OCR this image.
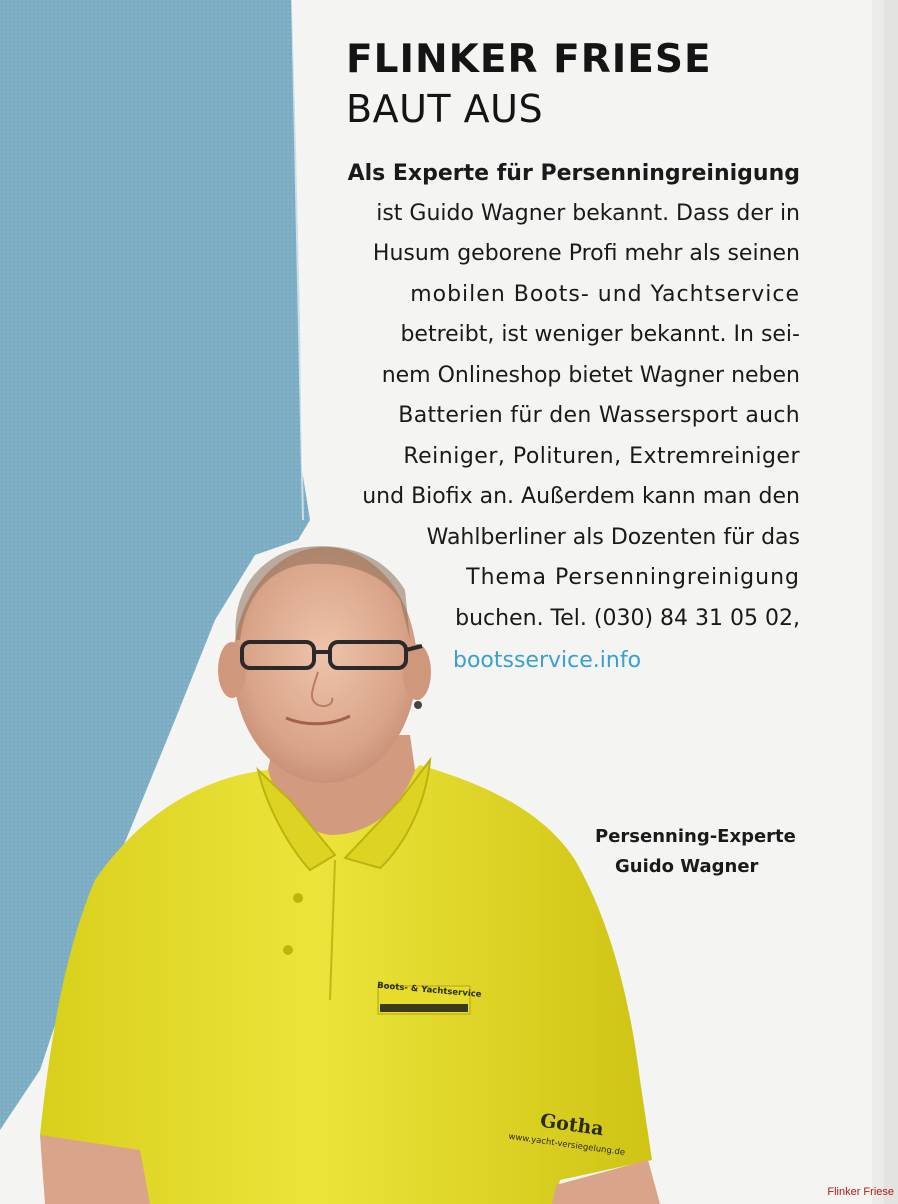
Boots- & Yachtservice
Gotha
www.yacht-versiegelung.de
FLINKER FRIESE
BAUT AUS
Als Experte für Persenningreinigung
ist Guido Wagner bekannt. Dass der in
Husum geborene Profi mehr als seinen
mobilen Boots- und Yachtservice
betreibt, ist weniger bekannt. In sei-
nem Onlineshop bietet Wagner neben
Batterien für den Wassersport auch
Reiniger, Polituren, Extremreiniger
und Biofix an. Außerdem kann man den
Wahlberliner als Dozenten für das
Thema Persenningreinigung
buchen. Tel. (030) 84 31 05 02,
bootsservice.info
Persenning-Experte
Guido Wagner
Flinker Friese
